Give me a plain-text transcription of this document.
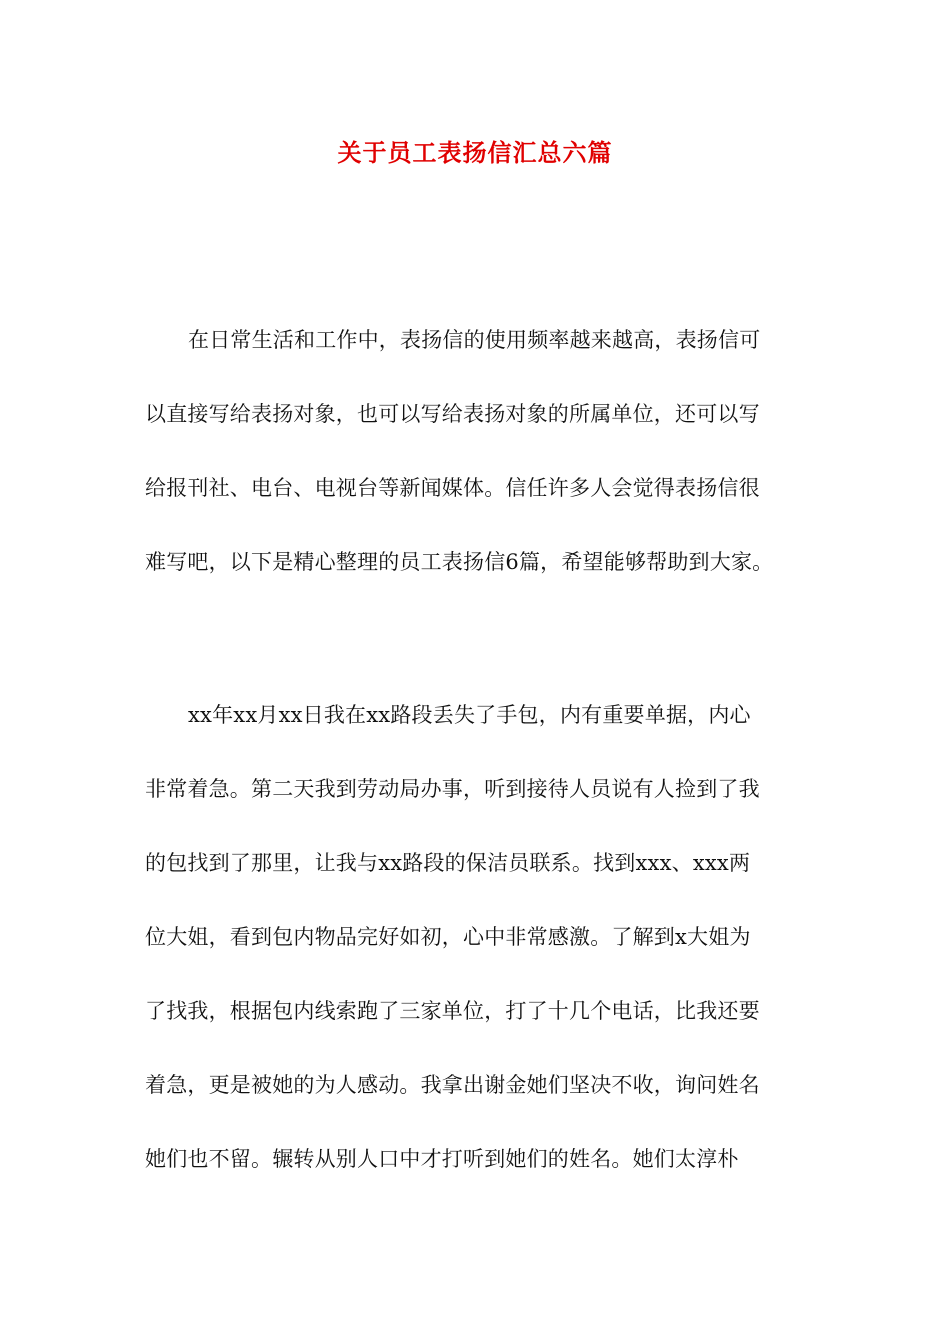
关于员工表扬信汇总六篇
在日常生活和工作中，表扬信的使用频率越来越高，表扬信可
以直接写给表扬对象，也可以写给表扬对象的所属单位，还可以写
给报刊社、电台、电视台等新闻媒体。信任许多人会觉得表扬信很
难写吧，以下是精心整理的员工表扬信6篇，希望能够帮助到大家。
xx年xx月xx日我在xx路段丢失了手包，内有重要单据，内心
非常着急。第二天我到劳动局办事，听到接待人员说有人捡到了我
的包找到了那里，让我与xx路段的保洁员联系。找到xxx、xxx两
位大姐，看到包内物品完好如初，心中非常感激。了解到x大姐为
了找我，根据包内线索跑了三家单位，打了十几个电话，比我还要
着急，更是被她的为人感动。我拿出谢金她们坚决不收，询问姓名
她们也不留。辗转从别人口中才打听到她们的姓名。她们太淳朴
